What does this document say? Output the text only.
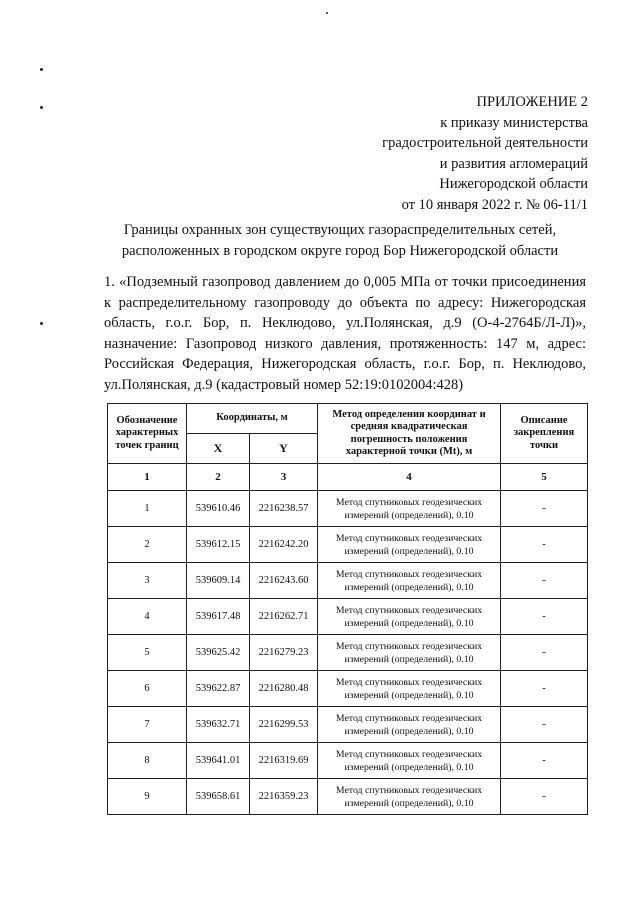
ПРИЛОЖЕНИЕ 2
к приказу министерства
градостроительной деятельности
и развития агломераций
Нижегородской области
от 10 января 2022 г. № 06-11/1
Границы охранных зон существующих газораспределительных сетей,
расположенных в городском округе город Бор Нижегородской области
1. «Подземный газопровод давлением до 0,005 МПа от точки присоединения к распределительному газопроводу до объекта по адресу: Нижегородская область, г.о.г. Бор, п. Неклюдово, ул.Полянская, д.9 (О-4-2764Б/Л-Л)», назначение: Газопровод низкого давления, протяженность: 147 м, адрес: Российская Федерация, Нижегородская область, г.о.г. Бор, п. Неклюдово, ул.Полянская, д.9 (кадастровый номер 52:19:0102004:428)
Обозначение характерных точек границ	Координаты, м		Метод определения координат и средняя квадратическая погрешность положения характерной точки (Mt), м	Описание закрепления точки
	X	Y		
1	2	3	4	5
1	539610.46	2216238.57	Метод спутниковых геодезических измерений (определений), 0.10	-
2	539612.15	2216242.20	Метод спутниковых геодезических измерений (определений), 0.10	-
3	539609.14	2216243.60	Метод спутниковых геодезических измерений (определений), 0.10	-
4	539617.48	2216262.71	Метод спутниковых геодезических измерений (определений), 0.10	-
5	539625.42	2216279.23	Метод спутниковых геодезических измерений (определений), 0.10	-
6	539622.87	2216280.48	Метод спутниковых геодезических измерений (определений), 0.10	-
7	539632.71	2216299.53	Метод спутниковых геодезических измерений (определений), 0.10	-
8	539641.01	2216319.69	Метод спутниковых геодезических измерений (определений), 0.10	-
9	539658.61	2216359.23	Метод спутниковых геодезических измерений (определений), 0.10	-
